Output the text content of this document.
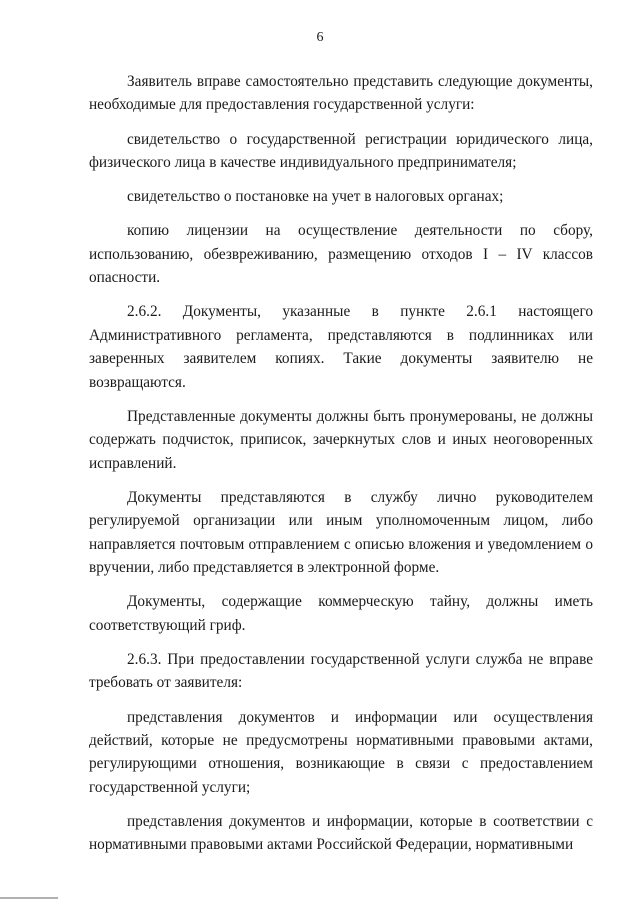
6

Заявитель вправе самостоятельно представить следующие документы, необходимые для предоставления государственной услуги:

свидетельство о государственной регистрации юридического лица, физического лица в качестве индивидуального предпринимателя;

свидетельство о постановке на учет в налоговых органах;

копию лицензии на осуществление деятельности по сбору, использованию, обезвреживанию, размещению отходов I – IV классов опасности.

2.6.2. Документы, указанные в пункте 2.6.1 настоящего Административного регламента, представляются в подлинниках или заверенных заявителем копиях. Такие документы заявителю не возвращаются.

Представленные документы должны быть пронумерованы, не должны содержать подчисток, приписок, зачеркнутых слов и иных неоговоренных исправлений.

Документы представляются в службу лично руководителем регулируемой организации или иным уполномоченным лицом, либо направляется почтовым отправлением с описью вложения и уведомлением о вручении, либо представляется в электронной форме.

Документы, содержащие коммерческую тайну, должны иметь соответствующий гриф.

2.6.3. При предоставлении государственной услуги служба не вправе требовать от заявителя:

представления документов и информации или осуществления действий, которые не предусмотрены нормативными правовыми актами, регулирующими отношения, возникающие в связи с предоставлением государственной услуги;

представления документов и информации, которые в соответствии с нормативными правовыми актами Российской Федерации, нормативными
